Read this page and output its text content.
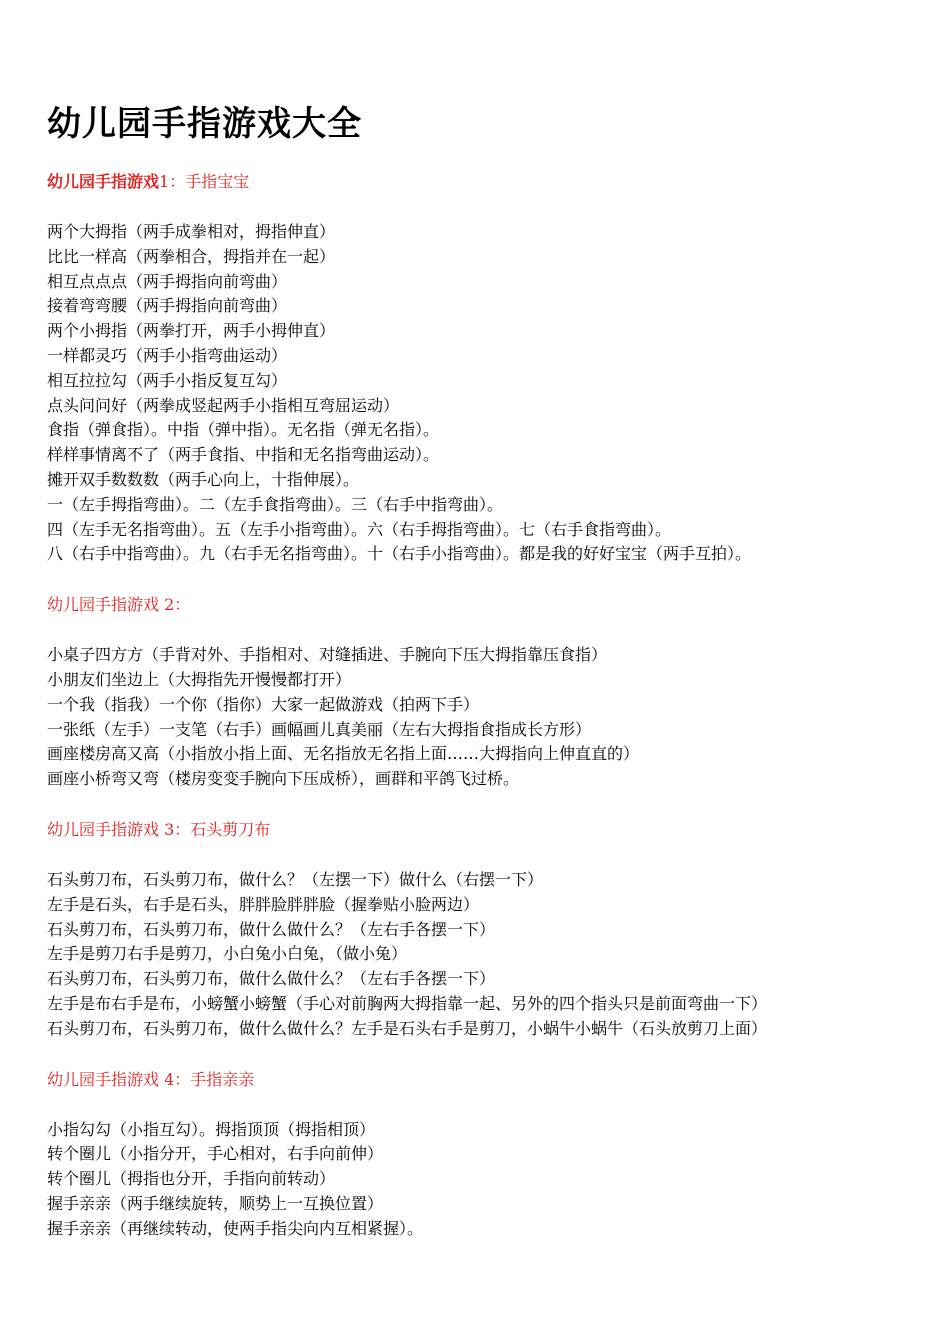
幼儿园手指游戏大全

幼儿园手指游戏1：手指宝宝

两个大拇指（两手成拳相对，拇指伸直）

比比一样高（两拳相合，拇指并在一起）

相互点点点（两手拇指向前弯曲）

接着弯弯腰（两手拇指向前弯曲）

两个小拇指（两拳打开，两手小拇伸直）

一样都灵巧（两手小指弯曲运动）

相互拉拉勾（两手小指反复互勾）

点头问问好（两拳成竖起两手小指相互弯屈运动）

食指（弹食指）。中指（弹中指）。无名指（弹无名指）。

样样事情离不了（两手食指、中指和无名指弯曲运动）。

摊开双手数数数（两手心向上，十指伸展）。

一（左手拇指弯曲）。二（左手食指弯曲）。三（右手中指弯曲）。

四（左手无名指弯曲）。五（左手小指弯曲）。六（右手拇指弯曲）。七（右手食指弯曲）。

八（右手中指弯曲）。九（右手无名指弯曲）。十（右手小指弯曲）。都是我的好好宝宝（两手互拍）。

幼儿园手指游戏 2：

小桌子四方方（手背对外、手指相对、对缝插进、手腕向下压大拇指靠压食指）

小朋友们坐边上（大拇指先开慢慢都打开）

一个我（指我）一个你（指你）大家一起做游戏（拍两下手）

一张纸（左手）一支笔（右手）画幅画儿真美丽（左右大拇指食指成长方形）

画座楼房高又高（小指放小指上面、无名指放无名指上面……大拇指向上伸直直的）

画座小桥弯又弯（楼房变变手腕向下压成桥），画群和平鸽飞过桥。

幼儿园手指游戏 3：石头剪刀布

石头剪刀布，石头剪刀布，做什么？（左摆一下）做什么（右摆一下）

左手是石头，右手是石头，胖胖脸胖胖脸（握拳贴小脸两边）

石头剪刀布，石头剪刀布，做什么做什么？（左右手各摆一下）

左手是剪刀右手是剪刀，小白兔小白兔，（做小兔）

石头剪刀布，石头剪刀布，做什么做什么？（左右手各摆一下）

左手是布右手是布，小螃蟹小螃蟹（手心对前胸两大拇指靠一起、另外的四个指头只是前面弯曲一下）

石头剪刀布，石头剪刀布，做什么做什么？左手是石头右手是剪刀，小蜗牛小蜗牛（石头放剪刀上面）

幼儿园手指游戏 4：手指亲亲

小指勾勾（小指互勾）。拇指顶顶（拇指相顶）

转个圈儿（小指分开，手心相对，右手向前伸）

转个圈儿（拇指也分开，手指向前转动）

握手亲亲（两手继续旋转，顺势上一互换位置）

握手亲亲（再继续转动，使两手指尖向内互相紧握）。
